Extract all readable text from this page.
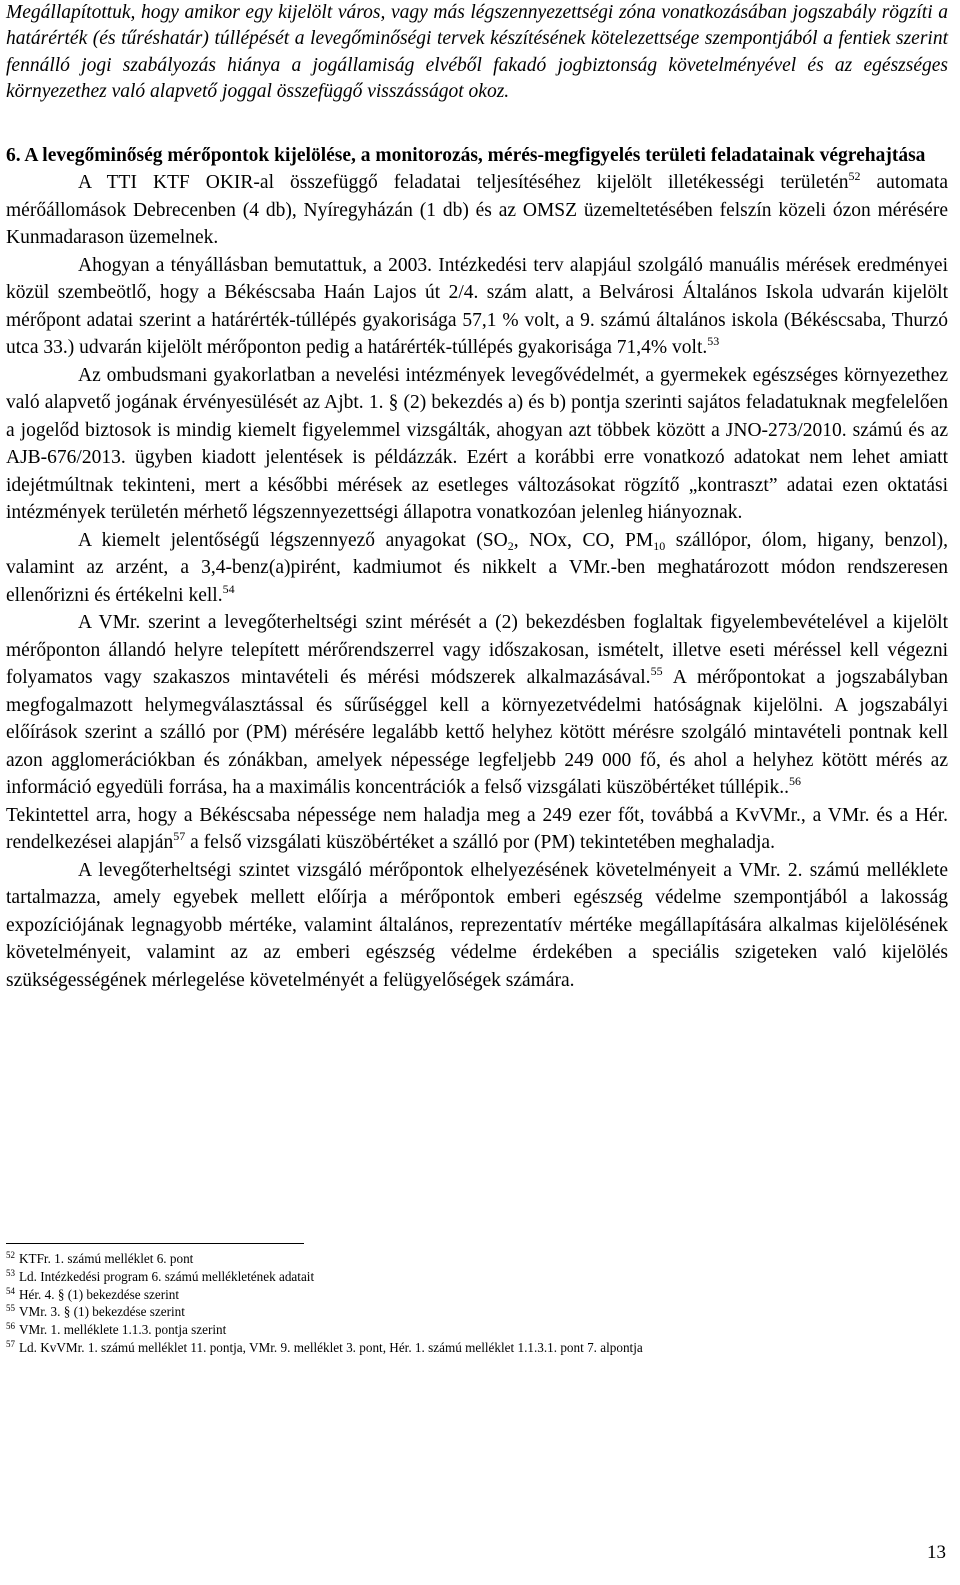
Megállapítottuk, hogy amikor egy kijelölt város, vagy más légszennyezettségi zóna vonatkozásában jogszabály rögzíti a határérték (és tűréshatár) túllépését a levegőminőségi tervek készítésének kötelezettsége szempontjából a fentiek szerint fennálló jogi szabályozás hiánya a jogállamiság elvéből fakadó jogbiztonság követelményével és az egészséges környezethez való alapvető joggal összefüggő visszásságot okoz.

6. A levegőminőség mérőpontok kijelölése, a monitorozás, mérés-megfigyelés területi feladatainak végrehajtása

A TTI KTF OKIR-al összefüggő feladatai teljesítéséhez kijelölt illetékességi területén$^{52}$ automata mérőállomások Debrecenben (4 db), Nyíregyházán (1 db) és az OMSZ üzemeltetésében felszín közeli ózon mérésére Kunmadarason üzemelnek.

Ahogyan a tényállásban bemutattuk, a 2003. Intézkedési terv alapjául szolgáló manuális mérések eredményei közül szembeötlő, hogy a Békéscsaba Haán Lajos út 2/4. szám alatt, a Belvárosi Általános Iskola udvarán kijelölt mérőpont adatai szerint a határérték-túllépés gyakorisága 57,1 % volt, a 9. számú általános iskola (Békéscsaba, Thurzó utca 33.) udvarán kijelölt mérőponton pedig a határérték-túllépés gyakorisága 71,4% volt.$^{53}$

Az ombudsmani gyakorlatban a nevelési intézmények levegővédelmét, a gyermekek egészséges környezethez való alapvető jogának érvényesülését az Ajbt. 1. § (2) bekezdés a) és b) pontja szerinti sajátos feladatuknak megfelelően a jogelőd biztosok is mindig kiemelt figyelemmel vizsgálták, ahogyan azt többek között a JNO-273/2010. számú és az AJB-676/2013. ügyben kiadott jelentések is példázzák. Ezért a korábbi erre vonatkozó adatokat nem lehet amiatt idejétmúltnak tekinteni, mert a későbbi mérések az esetleges változásokat rögzítő „kontraszt” adatai ezen oktatási intézmények területén mérhető légszennyezettségi állapotra vonatkozóan jelenleg hiányoznak.

A kiemelt jelentőségű légszennyező anyagokat ($SO_2$, NOx, CO, $PM_{10}$ szállópor, ólom, higany, benzol), valamint az arzént, a 3,4-benz(a)pirént, kadmiumot és nikkelt a VMr.-ben meghatározott módon rendszeresen ellenőrizni és értékelni kell.$^{54}$

A VMr. szerint a levegőterheltségi szint mérését a (2) bekezdésben foglaltak figyelembevételével a kijelölt mérőponton állandó helyre telepített mérőrendszerrel vagy időszakosan, ismételt, illetve eseti méréssel kell végezni folyamatos vagy szakaszos mintavételi és mérési módszerek alkalmazásával.$^{55}$ A mérőpontokat a jogszabályban megfogalmazott helymegválasztással és sűrűséggel kell a környezetvédelmi hatóságnak kijelölni. A jogszabályi előírások szerint a szálló por (PM) mérésére legalább kettő helyhez kötött mérésre szolgáló mintavételi pontnak kell azon agglomerációkban és zónákban, amelyek népessége legfeljebb 249 000 fő, és ahol a helyhez kötött mérés az információ egyedüli forrása, ha a maximális koncentrációk a felső vizsgálati küszöbértéket túllépik..$^{56}$

Tekintettel arra, hogy a Békéscsaba népessége nem haladja meg a 249 ezer főt, továbbá a KvVMr., a VMr. és a Hér. rendelkezései alapján$^{57}$ a felső vizsgálati küszöbértéket a szálló por (PM) tekintetében meghaladja.

A levegőterheltségi szintet vizsgáló mérőpontok elhelyezésének követelményeit a VMr. 2. számú melléklete tartalmazza, amely egyebek mellett előírja a mérőpontok emberi egészség védelme szempontjából a lakosság expozíciójának legnagyobb mértéke, valamint általános, reprezentatív mértéke megállapítására alkalmas kijelölésének követelményeit, valamint az az emberi egészség védelme érdekében a speciális szigeteken való kijelölés szükségességének mérlegelése követelményét a felügyelőségek számára.

$^{52}$ KTFr. 1. számú melléklet 6. pont
$^{53}$ Ld. Intézkedési program 6. számú mellékletének adatait
$^{54}$ Hér. 4. § (1) bekezdése szerint
$^{55}$ VMr. 3. § (1) bekezdése szerint
$^{56}$ VMr. 1. melléklete 1.1.3. pontja szerint
$^{57}$ Ld. KvVMr. 1. számú melléklet 11. pontja, VMr. 9. melléklet 3. pont, Hér. 1. számú melléklet 1.1.3.1. pont 7. alpontja
13
